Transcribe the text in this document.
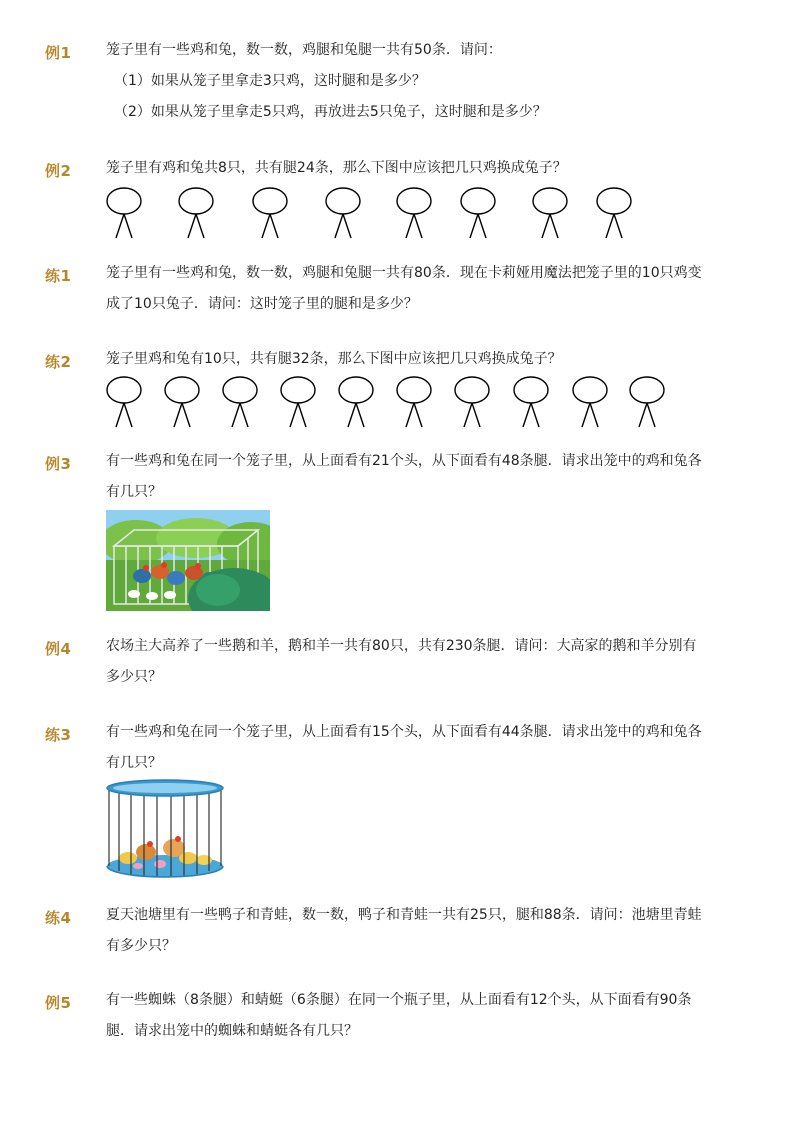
例1 笼子里有一些鸡和兔，数一数，鸡腿和兔腿一共有50条．请问：

（1）如果从笼子里拿走3只鸡，这时腿和是多少？

（2）如果从笼子里拿走5只鸡，再放进去5只兔子，这时腿和是多少？

例2 笼子里有鸡和兔共8只，共有腿24条，那么下图中应该把几只鸡换成兔子？

练1 笼子里有一些鸡和兔，数一数，鸡腿和兔腿一共有80条．现在卡莉娅用魔法把笼子里的10只鸡变

成了10只兔子．请问：这时笼子里的腿和是多少？

练2 笼子里鸡和兔有10只，共有腿32条，那么下图中应该把几只鸡换成兔子？

例3 有一些鸡和兔在同一个笼子里，从上面看有21个头，从下面看有48条腿．请求出笼中的鸡和兔各

有几只？

例4 农场主大高养了一些鹅和羊，鹅和羊一共有80只，共有230条腿．请问：大高家的鹅和羊分别有

多少只？

练3 有一些鸡和兔在同一个笼子里，从上面看有15个头，从下面看有44条腿．请求出笼中的鸡和兔各

有几只？

练4 夏天池塘里有一些鸭子和青蛙，数一数，鸭子和青蛙一共有25只，腿和88条．请问：池塘里青蛙

有多少只？

例5 有一些蜘蛛（8条腿）和蜻蜓（6条腿）在同一个瓶子里，从上面看有12个头，从下面看有90条

腿．请求出笼中的蜘蛛和蜻蜓各有几只？
